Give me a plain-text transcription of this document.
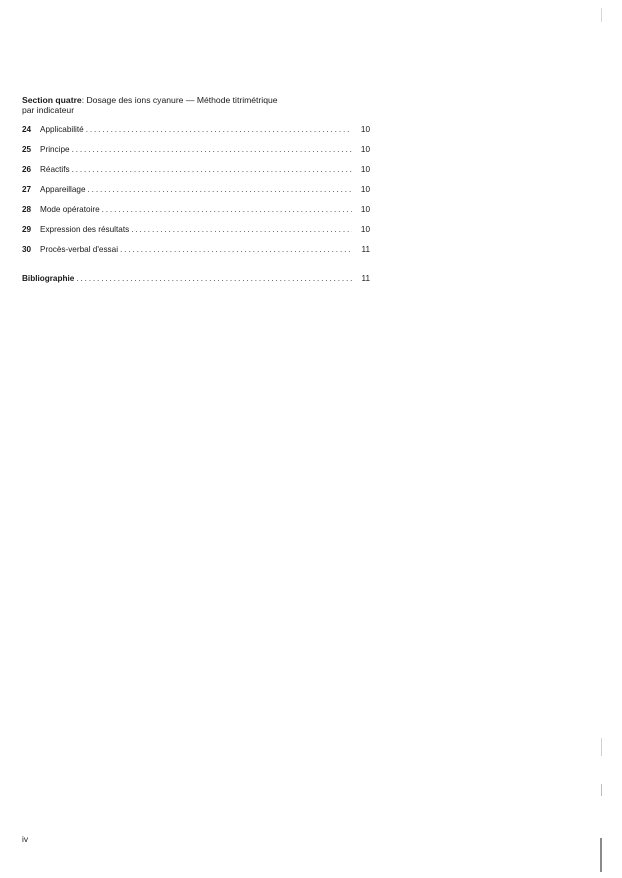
Section quatre: Dosage des ions cyanure — Méthode titrimétrique
par indicateur
24	Applicabilité . . .	10
25	Principe . . .	10
26	Réactifs . . .	10
27	Appareillage . . .	10
28	Mode opératoire . . .	10
29	Expression des résultats . . .	10
30	Procès-verbal d'essai . . .	11
Bibliographie . . .	11
iv
